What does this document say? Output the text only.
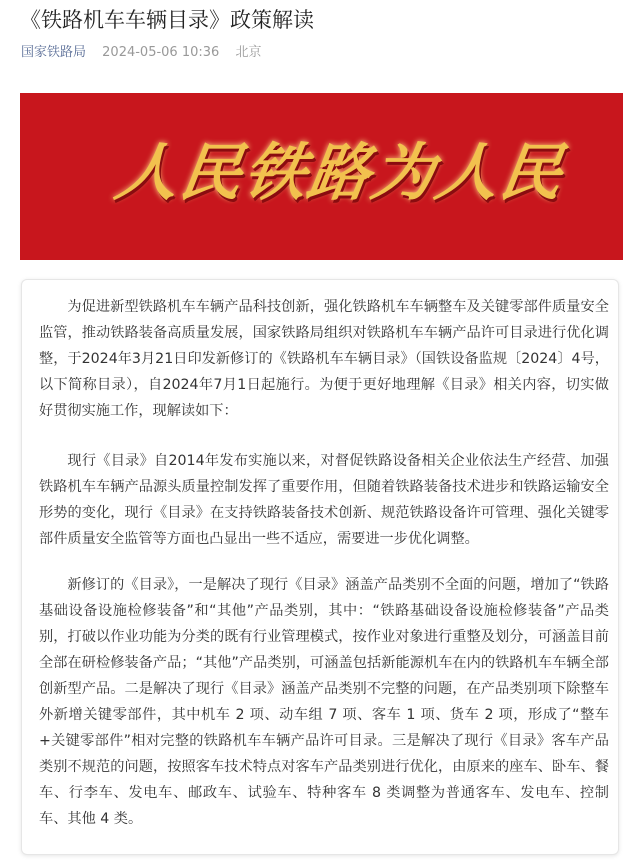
《铁路机车车辆目录》政策解读
国家铁路局 2024-05-06 10:36 北京
人民铁路为人民

为促进新型铁路机车车辆产品科技创新，强化铁路机车车辆整车及关键零部件质量安全监管，推动铁路装备高质量发展，国家铁路局组织对铁路机车车辆产品许可目录进行优化调整，于2024年3月21日印发新修订的《铁路机车车辆目录》（国铁设备监规〔2024〕4号，以下简称目录），自2024年7月1日起施行。为便于更好地理解《目录》相关内容，切实做好贯彻实施工作，现解读如下：

现行《目录》自2014年发布实施以来，对督促铁路设备相关企业依法生产经营、加强铁路机车车辆产品源头质量控制发挥了重要作用，但随着铁路装备技术进步和铁路运输安全形势的变化，现行《目录》在支持铁路装备技术创新、规范铁路设备许可管理、强化关键零部件质量安全监管等方面也凸显出一些不适应，需要进一步优化调整。

新修订的《目录》，一是解决了现行《目录》涵盖产品类别不全面的问题，增加了“铁路基础设备设施检修装备”和“其他”产品类别，其中：“铁路基础设备设施检修装备”产品类别，打破以作业功能为分类的既有行业管理模式，按作业对象进行重整及划分，可涵盖目前全部在研检修装备产品；“其他”产品类别，可涵盖包括新能源机车在内的铁路机车车辆全部创新型产品。二是解决了现行《目录》涵盖产品类别不完整的问题，在产品类别项下除整车外新增关键零部件，其中机车 2 项、动车组 7 项、客车 1 项、货车 2 项，形成了“整车+关键零部件”相对完整的铁路机车车辆产品许可目录。三是解决了现行《目录》客车产品类别不规范的问题，按照客车技术特点对客车产品类别进行优化，由原来的座车、卧车、餐车、行李车、发电车、邮政车、试验车、特种客车 8 类调整为普通客车、发电车、控制车、其他 4 类。
